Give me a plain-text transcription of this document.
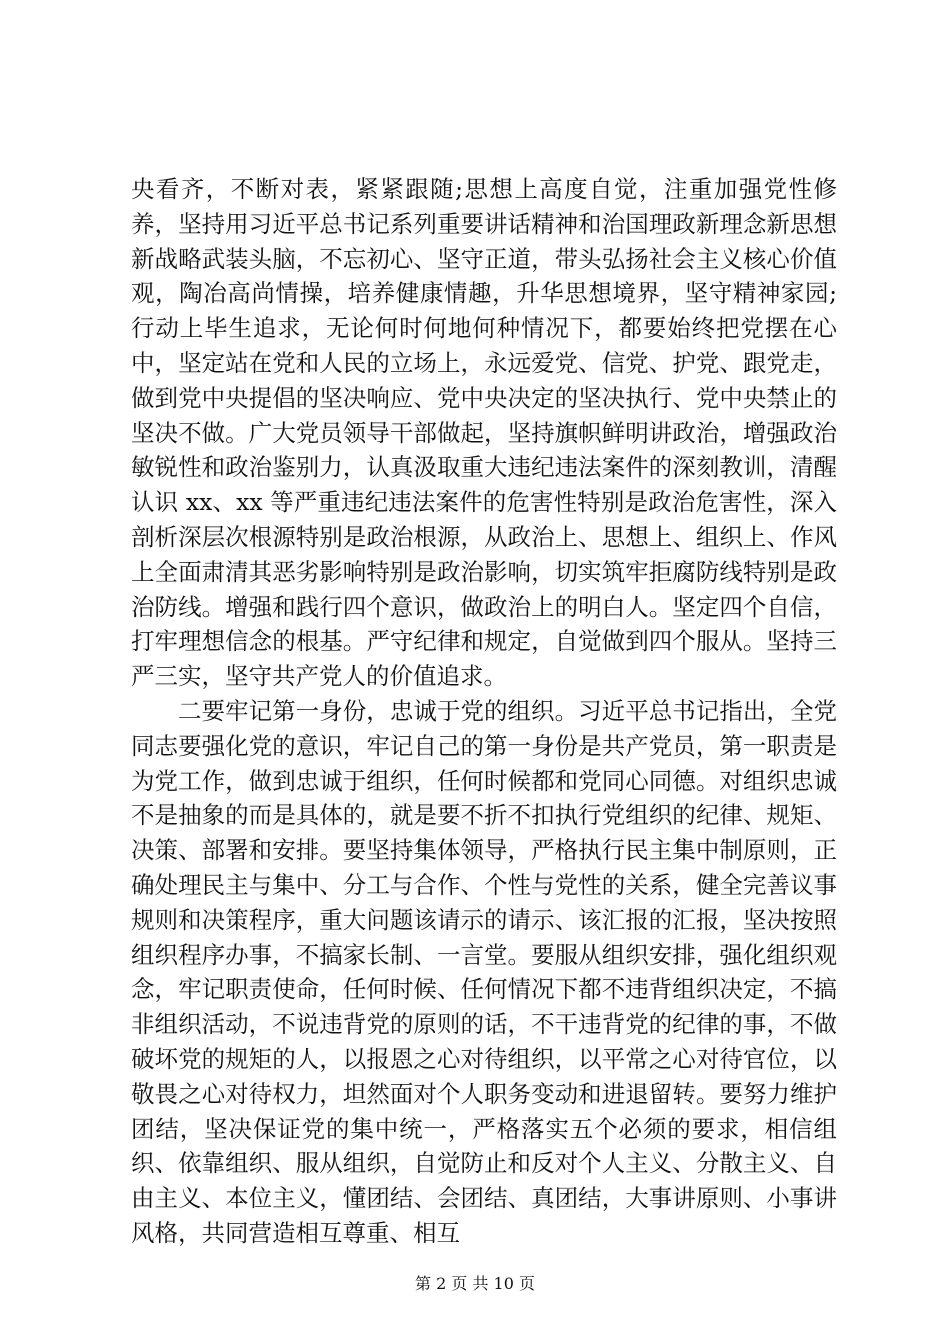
央看齐，不断对表，紧紧跟随;思想上高度自觉，注重加强党性修养，坚持用习近平总书记系列重要讲话精神和治国理政新理念新思想新战略武装头脑，不忘初心、坚守正道，带头弘扬社会主义核心价值观，陶冶高尚情操，培养健康情趣，升华思想境界，坚守精神家园;行动上毕生追求，无论何时何地何种情况下，都要始终把党摆在心中，坚定站在党和人民的立场上，永远爱党、信党、护党、跟党走，做到党中央提倡的坚决响应、党中央决定的坚决执行、党中央禁止的坚决不做。广大党员领导干部做起，坚持旗帜鲜明讲政治，增强政治敏锐性和政治鉴别力，认真汲取重大违纪违法案件的深刻教训，清醒认识 xx、xx 等严重违纪违法案件的危害性特别是政治危害性，深入剖析深层次根源特别是政治根源，从政治上、思想上、组织上、作风上全面肃清其恶劣影响特别是政治影响，切实筑牢拒腐防线特别是政治防线。增强和践行四个意识，做政治上的明白人。坚定四个自信，打牢理想信念的根基。严守纪律和规定，自觉做到四个服从。坚持三严三实，坚守共产党人的价值追求。

二要牢记第一身份，忠诚于党的组织。习近平总书记指出，全党同志要强化党的意识，牢记自己的第一身份是共产党员，第一职责是为党工作，做到忠诚于组织，任何时候都和党同心同德。对组织忠诚不是抽象的而是具体的，就是要不折不扣执行党组织的纪律、规矩、决策、部署和安排。要坚持集体领导，严格执行民主集中制原则，正确处理民主与集中、分工与合作、个性与党性的关系，健全完善议事规则和决策程序，重大问题该请示的请示、该汇报的汇报，坚决按照组织程序办事，不搞家长制、一言堂。要服从组织安排，强化组织观念，牢记职责使命，任何时候、任何情况下都不违背组织决定，不搞非组织活动，不说违背党的原则的话，不干违背党的纪律的事，不做破坏党的规矩的人，以报恩之心对待组织，以平常之心对待官位，以敬畏之心对待权力，坦然面对个人职务变动和进退留转。要努力维护团结，坚决保证党的集中统一，严格落实五个必须的要求，相信组织、依靠组织、服从组织，自觉防止和反对个人主义、分散主义、自由主义、本位主义，懂团结、会团结、真团结，大事讲原则、小事讲风格，共同营造相互尊重、相互

第 2 页 共 10 页
